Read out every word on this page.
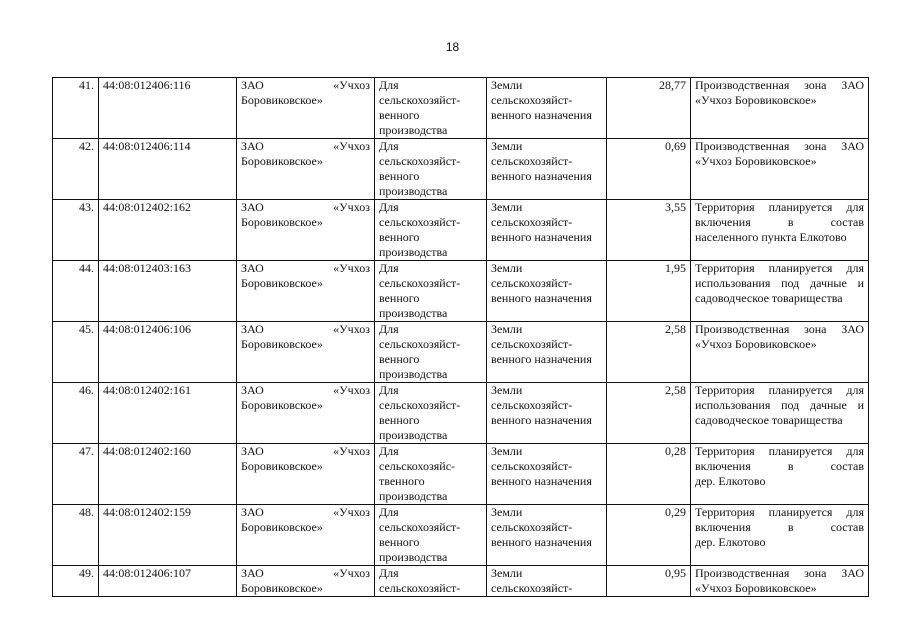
18
41.	44:08:012406:116	ЗАО «Учхоз
Боровиковское»	Для
сельскохозяйст-
венного
производства	Земли
сельскохозяйст-
венного назначения	28,77	Производственная зона ЗАО
«Учхоз Боровиковское»

42.	44:08:012406:114	ЗАО «Учхоз
Боровиковское»	Для
сельскохозяйст-
венного
производства	Земли
сельскохозяйст-
венного назначения	0,69	Производственная зона ЗАО
«Учхоз Боровиковское»

43.	44:08:012402:162	ЗАО «Учхоз
Боровиковское»	Для
сельскохозяйст-
венного
производства	Земли
сельскохозяйст-
венного назначения	3,55	Территория планируется для
включения в состав
населенного пункта Елкотово

44.	44:08:012403:163	ЗАО «Учхоз
Боровиковское»	Для
сельскохозяйст-
венного
производства	Земли
сельскохозяйст-
венного назначения	1,95	Территория планируется для
использования под дачные и
садоводческое товарищества

45.	44:08:012406:106	ЗАО «Учхоз
Боровиковское»	Для
сельскохозяйст-
венного
производства	Земли
сельскохозяйст-
венного назначения	2,58	Производственная зона ЗАО
«Учхоз Боровиковское»

46.	44:08:012402:161	ЗАО «Учхоз
Боровиковское»	Для
сельскохозяйст-
венного
производства	Земли
сельскохозяйст-
венного назначения	2,58	Территория планируется для
использования под дачные и
садоводческое товарищества

47.	44:08:012402:160	ЗАО «Учхоз
Боровиковское»	Для
сельскохозяйс-
твенного
производства	Земли
сельскохозяйст-
венного назначения	0,28	Территория планируется для
включения в состав
дер. Елкотово

48.	44:08:012402:159	ЗАО «Учхоз
Боровиковское»	Для
сельскохозяйст-
венного
производства	Земли
сельскохозяйст-
венного назначения	0,29	Территория планируется для
включения в состав
дер. Елкотово

49.	44:08:012406:107	ЗАО «Учхоз
Боровиковское»	Для
сельскохозяйст-	Земли
сельскохозяйст-	0,95	Производственная зона ЗАО
«Учхоз Боровиковское»
